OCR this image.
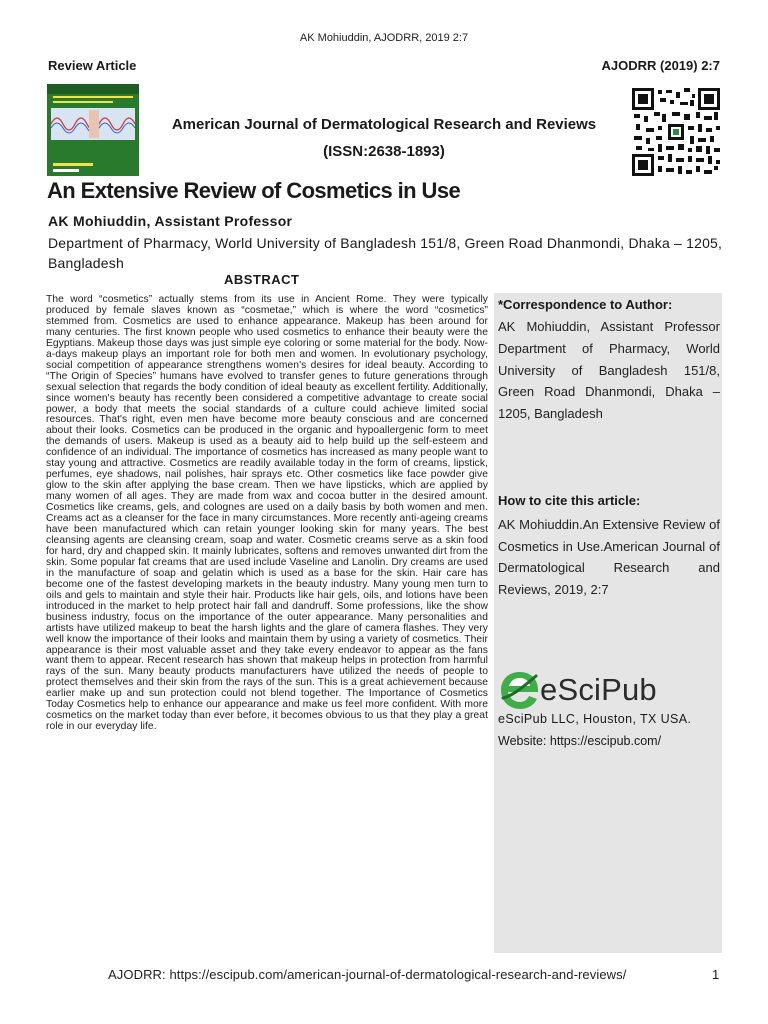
AK Mohiuddin, AJODRR, 2019 2:7
Review Article	AJODRR (2019) 2:7
American Journal of Dermatological Research and Reviews
(ISSN:2638-1893)
An Extensive Review of Cosmetics in Use
AK Mohiuddin, Assistant Professor
Department of Pharmacy, World University of Bangladesh 151/8, Green Road Dhanmondi, Dhaka – 1205, Bangladesh
ABSTRACT
The word “cosmetics” actually stems from its use in Ancient Rome. They were typically produced by female slaves known as “cosmetae,” which is where the word “cosmetics” stemmed from. Cosmetics are used to enhance appearance. Makeup has been around for many centuries. The first known people who used cosmetics to enhance their beauty were the Egyptians. Makeup those days was just simple eye coloring or some material for the body. Now-a-days makeup plays an important role for both men and women. In evolutionary psychology, social competition of appearance strengthens women's desires for ideal beauty. According to “The Origin of Species” humans have evolved to transfer genes to future generations through sexual selection that regards the body condition of ideal beauty as excellent fertility. Additionally, since women's beauty has recently been considered a competitive advantage to create social power, a body that meets the social standards of a culture could achieve limited social resources. That's right, even men have become more beauty conscious and are concerned about their looks. Cosmetics can be produced in the organic and hypoallergenic form to meet the demands of users. Makeup is used as a beauty aid to help build up the self-esteem and confidence of an individual. The importance of cosmetics has increased as many people want to stay young and attractive. Cosmetics are readily available today in the form of creams, lipstick, perfumes, eye shadows, nail polishes, hair sprays etc. Other cosmetics like face powder give glow to the skin after applying the base cream. Then we have lipsticks, which are applied by many women of all ages. They are made from wax and cocoa butter in the desired amount. Cosmetics like creams, gels, and colognes are used on a daily basis by both women and men. Creams act as a cleanser for the face in many circumstances. More recently anti-ageing creams have been manufactured which can retain younger looking skin for many years. The best cleansing agents are cleansing cream, soap and water. Cosmetic creams serve as a skin food for hard, dry and chapped skin. It mainly lubricates, softens and removes unwanted dirt from the skin. Some popular fat creams that are used include Vaseline and Lanolin. Dry creams are used in the manufacture of soap and gelatin which is used as a base for the skin. Hair care has become one of the fastest developing markets in the beauty industry. Many young men turn to oils and gels to maintain and style their hair. Products like hair gels, oils, and lotions have been introduced in the market to help protect hair fall and dandruff. Some professions, like the show business industry, focus on the importance of the outer appearance. Many personalities and artists have utilized makeup to beat the harsh lights and the glare of camera flashes. They very well know the importance of their looks and maintain them by using a variety of cosmetics. Their appearance is their most valuable asset and they take every endeavor to appear as the fans want them to appear. Recent research has shown that makeup helps in protection from harmful rays of the sun. Many beauty products manufacturers have utilized the needs of people to protect themselves and their skin from the rays of the sun. This is a great achievement because earlier make up and sun protection could not blend together. The Importance of Cosmetics Today Cosmetics help to enhance our appearance and make us feel more confident. With more cosmetics on the market today than ever before, it becomes obvious to us that they play a great role in our everyday life.
*Correspondence to Author:
AK Mohiuddin, Assistant Professor Department of Pharmacy, World University of Bangladesh 151/8, Green Road Dhanmondi, Dhaka – 1205, Bangladesh
How to cite this article:
AK Mohiuddin.An Extensive Review of Cosmetics in Use.American Journal of Dermatological Research and Reviews, 2019, 2:7
eSciPub
eSciPub LLC, Houston, TX USA.
Website: https://escipub.com/
AJODRR: https://escipub.com/american-journal-of-dermatological-research-and-reviews/	1
